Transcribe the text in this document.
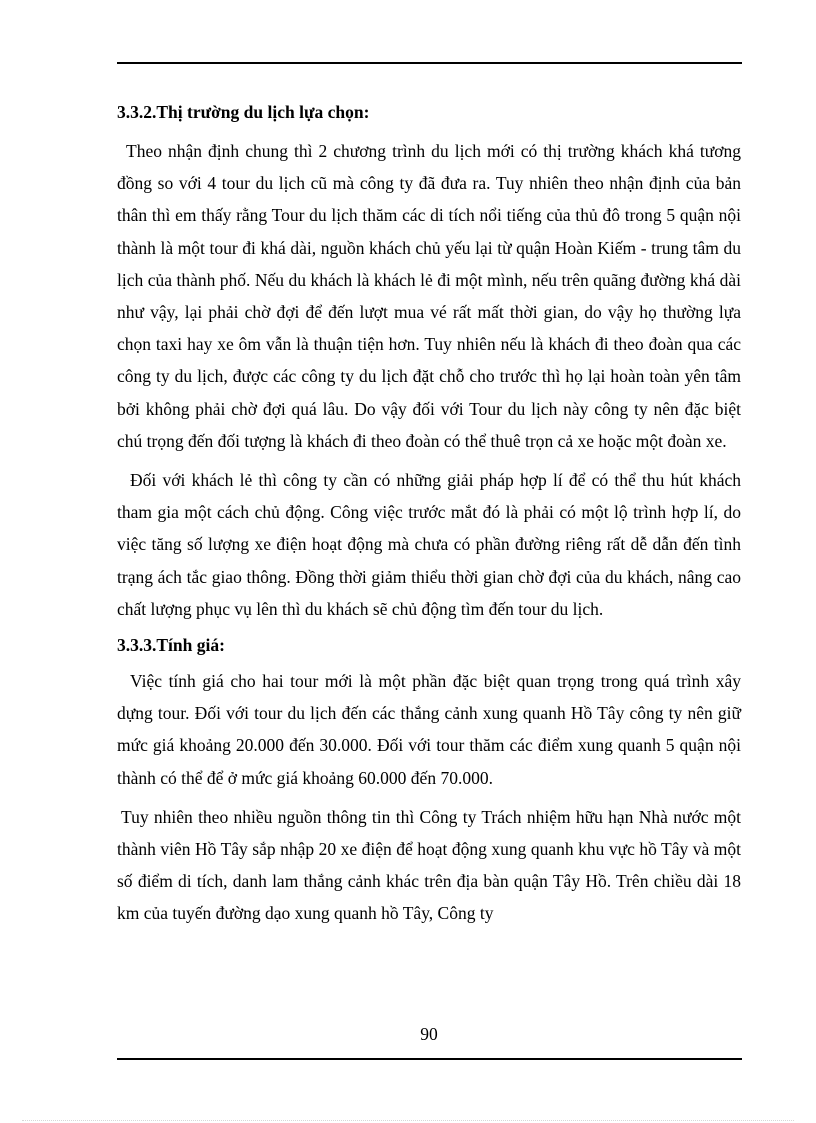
3.3.2.Thị trường du lịch lựa chọn:

Theo nhận định chung thì 2 chương trình du lịch mới có thị trường khách khá tương đồng so với 4 tour du lịch cũ mà công ty đã đưa ra. Tuy nhiên theo nhận định của bản thân thì em thấy rằng Tour du lịch thăm các di tích nổi tiếng của thủ đô trong 5 quận nội thành là một tour đi khá dài, nguồn khách chủ yếu lại từ quận Hoàn Kiếm - trung tâm du lịch của thành phố. Nếu du khách là khách lẻ đi một mình, nếu trên quãng đường khá dài như vậy, lại phải chờ đợi để đến lượt mua vé rất mất thời gian, do vậy họ thường lựa chọn taxi hay xe ôm vẫn là thuận tiện hơn. Tuy nhiên nếu là khách đi theo đoàn qua các công ty du lịch, được các công ty du lịch đặt chỗ cho trước thì họ lại hoàn toàn yên tâm bởi không phải chờ đợi quá lâu. Do vậy đối với Tour du lịch này công ty nên đặc biệt chú trọng đến đối tượng là khách đi theo đoàn có thể thuê trọn cả xe hoặc một đoàn xe.

Đối với khách lẻ thì công ty cần có những giải pháp hợp lí để có thể thu hút khách tham gia một cách chủ động. Công việc trước mắt đó là phải có một lộ trình hợp lí, do việc tăng số lượng xe điện hoạt động mà chưa có phần đường riêng rất dễ dẫn đến tình trạng ách tắc giao thông. Đồng thời giảm thiểu thời gian chờ đợi của du khách, nâng cao chất lượng phục vụ lên thì du khách sẽ chủ động tìm đến tour du lịch.

3.3.3.Tính giá:

Việc tính giá cho hai tour mới là một phần đặc biệt quan trọng trong quá trình xây dựng tour. Đối với tour du lịch đến các thắng cảnh xung quanh Hồ Tây công ty nên giữ mức giá khoảng 20.000 đến 30.000. Đối với tour thăm các điểm xung quanh 5 quận nội thành có thể để ở mức giá khoảng 60.000 đến 70.000.

Tuy nhiên theo nhiều nguồn thông tin thì Công ty Trách nhiệm hữu hạn Nhà nước một thành viên Hồ Tây sắp nhập 20 xe điện để hoạt động xung quanh khu vực hồ Tây và một số điểm di tích, danh lam thắng cảnh khác trên địa bàn quận Tây Hồ. Trên chiều dài 18 km của tuyến đường dạo xung quanh hồ Tây, Công ty

90
